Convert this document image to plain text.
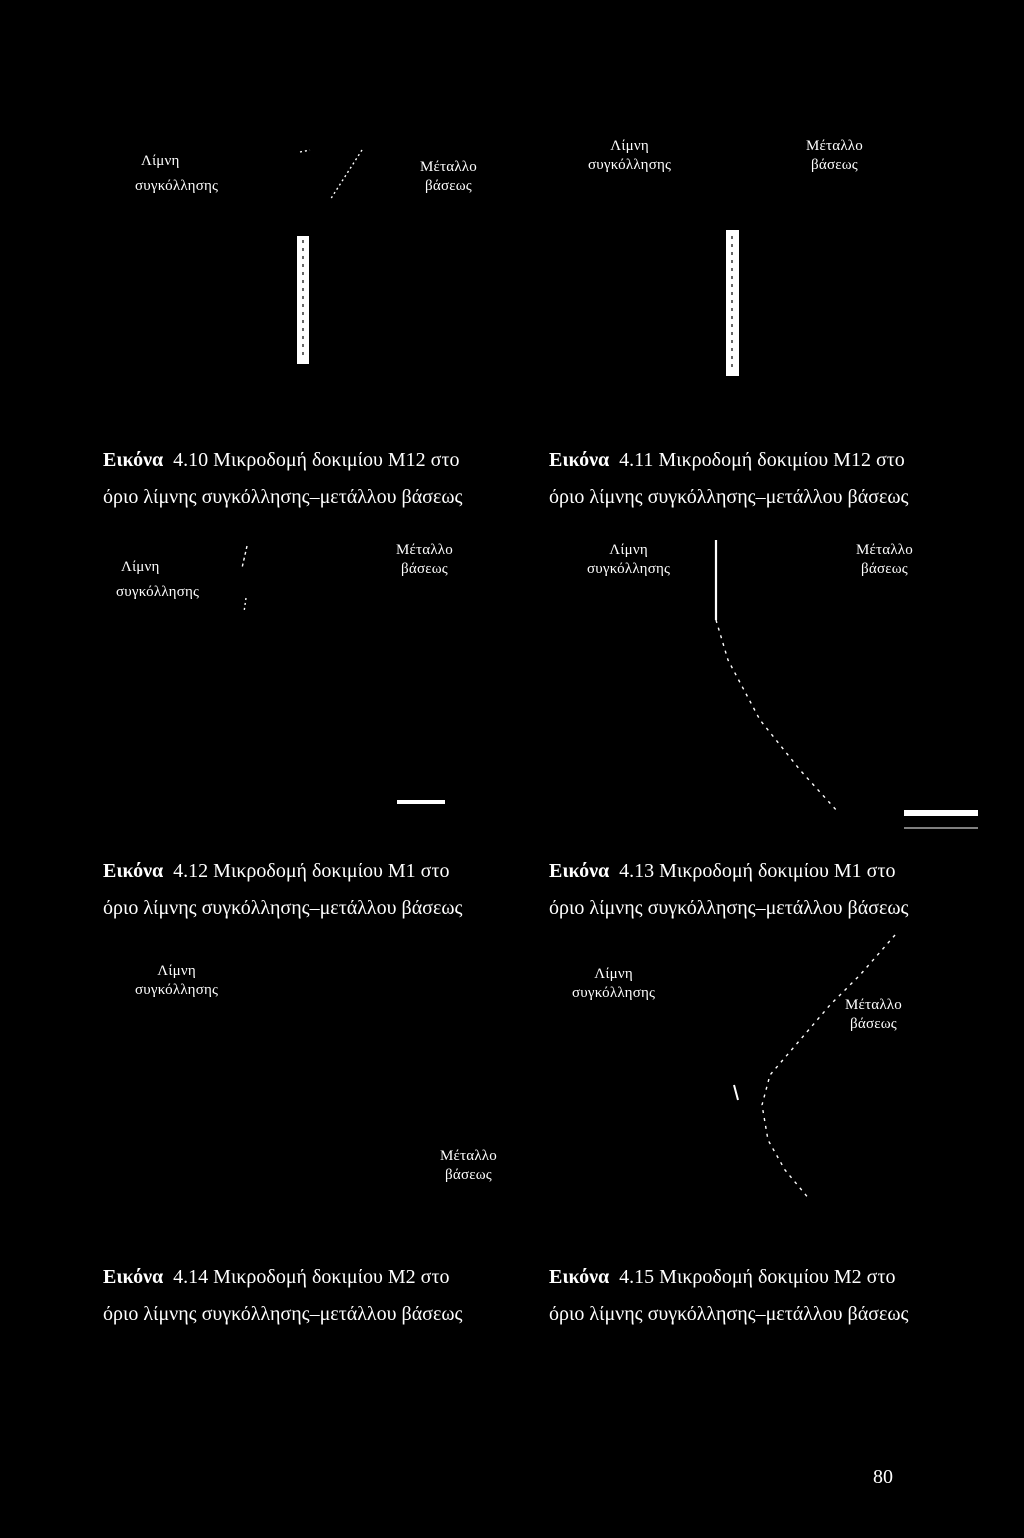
Λίμνη
συγκόλλησης
Μέταλλο
βάσεως
Λίμνη
συγκόλλησης
Μέταλλο
βάσεως
Εικόνα 4.10 Μικροδομή δοκιμίου Μ12 στο
όριο λίμνης συγκόλλησης–μετάλλου βάσεως
Εικόνα 4.11 Μικροδομή δοκιμίου Μ12 στο
όριο λίμνης συγκόλλησης–μετάλλου βάσεως
Λίμνη
συγκόλλησης
Μέταλλο
βάσεως
Λίμνη
συγκόλλησης
Μέταλλο
βάσεως
Εικόνα 4.12 Μικροδομή δοκιμίου Μ1 στο
όριο λίμνης συγκόλλησης–μετάλλου βάσεως
Εικόνα 4.13 Μικροδομή δοκιμίου Μ1 στο
όριο λίμνης συγκόλλησης–μετάλλου βάσεως
Λίμνη
συγκόλλησης
Μέταλλο
βάσεως
Λίμνη
συγκόλλησης
Μέταλλο
βάσεως
Εικόνα 4.14 Μικροδομή δοκιμίου Μ2 στο
όριο λίμνης συγκόλλησης–μετάλλου βάσεως
Εικόνα 4.15 Μικροδομή δοκιμίου Μ2 στο
όριο λίμνης συγκόλλησης–μετάλλου βάσεως
80
